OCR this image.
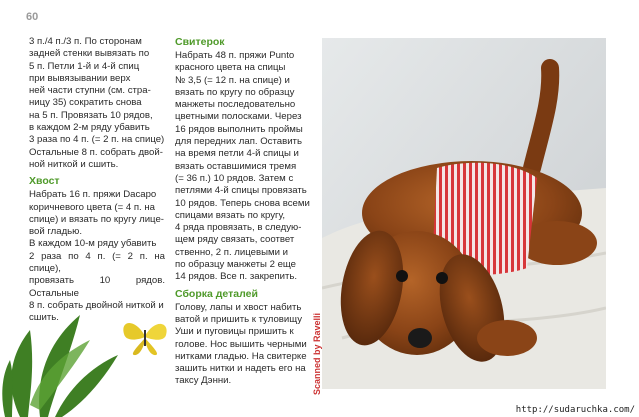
60

3 п./4 п./3 п. По сторонам
задней стенки вывязать по
5 п. Петли 1-й и 4-й спиц
при вывязывании верх
ней части ступни (см. стра-
ницу 35) сократить снова
на 5 п. Провязать 10 рядов,
в каждом 2-м ряду убавить
3 раза по 4 п. (= 2 п. на спице)
Остальные 8 п. собрать двой-
ной ниткой и сшить.

Хвост

Набрать 16 п. пряжи Dacapo
коричневого цвета (= 4 п. на
спице) и вязать по кругу лице-
вой гладью.

В каждом 10-м ряду убавить
2 раза по 4 п. (= 2 п. на спице),
провязать 10 рядов. Остальные
8 п. собрать двойной ниткой и
сшить.

Свитерок

Набрать 48 п. пряжи Punto
красного цвета на спицы
№ 3,5 (= 12 п. на спице) и
вязать по кругу по образцу
манжеты последовательно
цветными полосками. Через
16 рядов выполнить проймы
для передних лап. Оставить
на время петли 4-й спицы и
вязать оставшимися тремя
(= 36 п.) 10 рядов. Затем с
петлями 4-й спицы провязать
10 рядов. Теперь снова всеми
спицами вязать по кругу,
4 ряда провязать, в следую-
щем ряду связать, соответ
ственно, 2 п. лицевыми и
по образцу манжеты 2 еще
14 рядов. Все п. закрепить.

Сборка деталей

Голову, лапы и хвост набить
ватой и пришить к туловищу
Уши и пуговицы пришить к
голове. Нос вышить черными
нитками гладью. На свитерке
зашить нитки и надеть его на
таксу Дэнни.	Scanned by Ravelli
http://sudaruchka.com/
